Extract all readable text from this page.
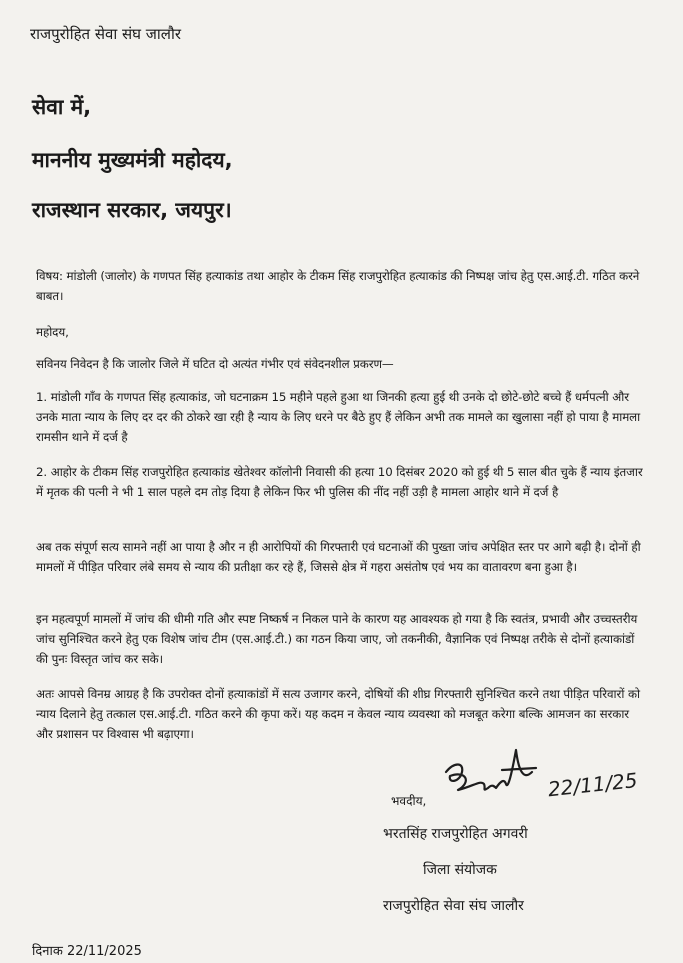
राजपुरोहित सेवा संघ जालौर
सेवा में,
माननीय मुख्यमंत्री महोदय,
राजस्थान सरकार, जयपुर।
विषय: मांडोली (जालोर) के गणपत सिंह हत्याकांड तथा आहोर के टीकम सिंह राजपुरोहित हत्याकांड की निष्पक्ष जांच हेतु एस.आई.टी. गठित करने बाबत।
महोदय,
सविनय निवेदन है कि जालोर जिले में घटित दो अत्यंत गंभीर एवं संवेदनशील प्रकरण—
1. मांडोली गाँव के गणपत सिंह हत्याकांड, जो घटनाक्रम 15 महीने पहले हुआ था जिनकी हत्या हुई थी उनके दो छोटे-छोटे बच्चे हैं धर्मपत्नी और उनके माता न्याय के लिए दर दर की ठोकरे खा रही है न्याय के लिए धरने पर बैठे हुए हैं लेकिन अभी तक मामले का खुलासा नहीं हो पाया है मामला रामसीन थाने में दर्ज है
2. आहोर के टीकम सिंह राजपुरोहित हत्याकांड खेतेश्वर कॉलोनी निवासी की हत्या 10 दिसंबर 2020 को हुई थी 5 साल बीत चुके हैं न्याय इंतजार में मृतक की पत्नी ने भी 1 साल पहले दम तोड़ दिया है लेकिन फिर भी पुलिस की नींद नहीं उड़ी है मामला आहोर थाने में दर्ज है
अब तक संपूर्ण सत्य सामने नहीं आ पाया है और न ही आरोपियों की गिरफ्तारी एवं घटनाओं की पुख्ता जांच अपेक्षित स्तर पर आगे बढ़ी है। दोनों ही मामलों में पीड़ित परिवार लंबे समय से न्याय की प्रतीक्षा कर रहे हैं, जिससे क्षेत्र में गहरा असंतोष एवं भय का वातावरण बना हुआ है।
इन महत्वपूर्ण मामलों में जांच की धीमी गति और स्पष्ट निष्कर्ष न निकल पाने के कारण यह आवश्यक हो गया है कि स्वतंत्र, प्रभावी और उच्चस्तरीय जांच सुनिश्चित करने हेतु एक विशेष जांच टीम (एस.आई.टी.) का गठन किया जाए, जो तकनीकी, वैज्ञानिक एवं निष्पक्ष तरीके से दोनों हत्याकांडों की पुनः विस्तृत जांच कर सके।
अतः आपसे विनम्र आग्रह है कि उपरोक्त दोनों हत्याकांडों में सत्य उजागर करने, दोषियों की शीघ्र गिरफ्तारी सुनिश्चित करने तथा पीड़ित परिवारों को न्याय दिलाने हेतु तत्काल एस.आई.टी. गठित करने की कृपा करें। यह कदम न केवल न्याय व्यवस्था को मजबूत करेगा बल्कि आमजन का सरकार और प्रशासन पर विश्वास भी बढ़ाएगा।
भवदीय,	22/11/25
भरतसिंह राजपुरोहित अगवरी
जिला संयोजक
राजपुरोहित सेवा संघ जालौर
दिनाक 22/11/2025
